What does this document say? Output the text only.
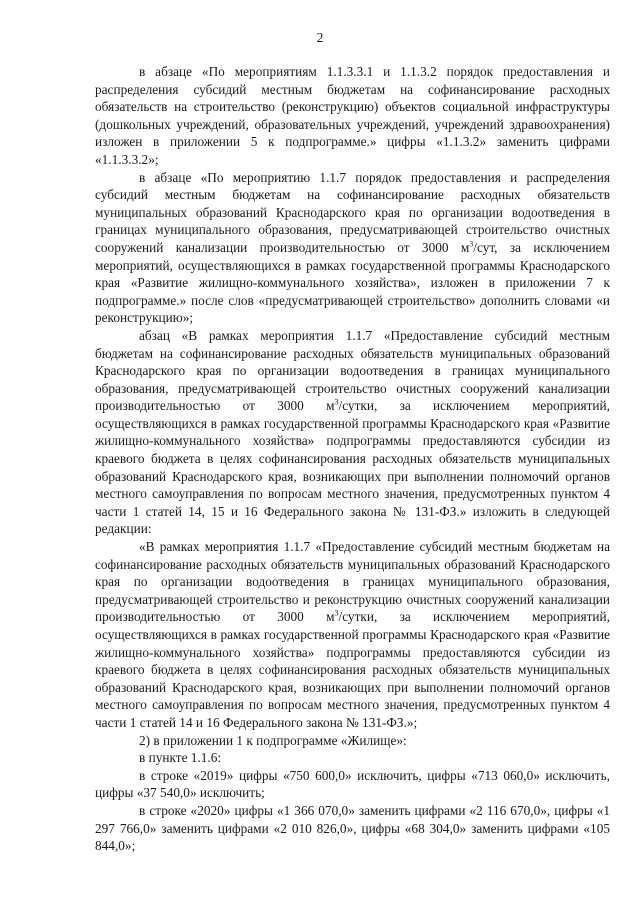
2

в абзаце «По мероприятиям 1.1.3.3.1 и 1.1.3.2 порядок предоставления и распределения субсидий местным бюджетам на софинансирование расходных обязательств на строительство (реконструкцию) объектов социальной инфраструктуры (дошкольных учреждений, образовательных учреждений, учреждений здравоохранения) изложен в приложении 5 к подпрограмме.» цифры «1.1.3.2» заменить цифрами «1.1.3.3.2»;

в абзаце «По мероприятию 1.1.7 порядок предоставления и распределения субсидий местным бюджетам на софинансирование расходных обязательств муниципальных образований Краснодарского края по организации водоотведения в границах муниципального образования, предусматривающей строительство очистных сооружений канализации производительностью от 3000 $м^3$/сут, за исключением мероприятий, осуществляющихся в рамках государственной программы Краснодарского края «Развитие жилищно-коммунального хозяйства», изложен в приложении 7 к подпрограмме.» после слов «предусматривающей строительство» дополнить словами «и реконструкцию»;

абзац «В рамках мероприятия 1.1.7 «Предоставление субсидий местным бюджетам на софинансирование расходных обязательств муниципальных образований Краснодарского края по организации водоотведения в границах муниципального образования, предусматривающей строительство очистных сооружений канализации производительностью от 3000 $м^3$/сутки, за исключением мероприятий, осуществляющихся в рамках государственной программы Краснодарского края «Развитие жилищно-коммунального хозяйства» подпрограммы предоставляются субсидии из краевого бюджета в целях софинансирования расходных обязательств муниципальных образований Краснодарского края, возникающих при выполнении полномочий органов местного самоуправления по вопросам местного значения, предусмотренных пунктом 4 части 1 статей 14, 15 и 16 Федерального закона № 131-ФЗ.» изложить в следующей редакции:

«В рамках мероприятия 1.1.7 «Предоставление субсидий местным бюджетам на софинансирование расходных обязательств муниципальных образований Краснодарского края по организации водоотведения в границах муниципального образования, предусматривающей строительство и реконструкцию очистных сооружений канализации производительностью от 3000 $м^3$/сутки, за исключением мероприятий, осуществляющихся в рамках государственной программы Краснодарского края «Развитие жилищно-коммунального хозяйства» подпрограммы предоставляются субсидии из краевого бюджета в целях софинансирования расходных обязательств муниципальных образований Краснодарского края, возникающих при выполнении полномочий органов местного самоуправления по вопросам местного значения, предусмотренных пунктом 4 части 1 статей 14 и 16 Федерального закона № 131-ФЗ.»;

2) в приложении 1 к подпрограмме «Жилище»:

в пункте 1.1.6:

в строке «2019» цифры «750 600,0» исключить, цифры «713 060,0» исключить, цифры «37 540,0» исключить;

в строке «2020» цифры «1 366 070,0» заменить цифрами «2 116 670,0», цифры «1 297 766,0» заменить цифрами «2 010 826,0», цифры «68 304,0» заменить цифрами «105 844,0»;
